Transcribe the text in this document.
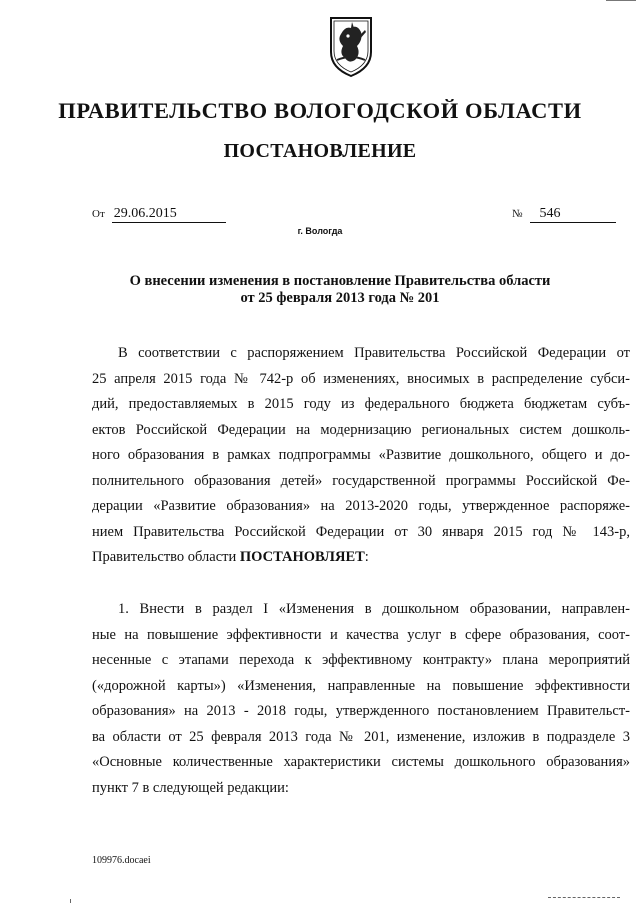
ПРАВИТЕЛЬСТВО ВОЛОГОДСКОЙ ОБЛАСТИ
ПОСТАНОВЛЕНИЕ
От 29.06.2015	№ 546
г. Вологда
О внесении изменения в постановление Правительства области
от 25 февраля 2013 года № 201
В соответствии с распоряжением Правительства Российской Федерации от
25 апреля 2015 года № 742-р об изменениях, вносимых в распределение субси-
дий, предоставляемых в 2015 году из федерального бюджета бюджетам субъ-
ектов Российской Федерации на модернизацию региональных систем дошколь-
ного образования в рамках подпрограммы «Развитие дошкольного, общего и до-
полнительного образования детей» государственной программы Российской Фе-
дерации «Развитие образования» на 2013-2020 годы, утвержденное распоряже-
нием Правительства Российской Федерации от 30 января 2015 год № 143-р,
Правительство области ПОСТАНОВЛЯЕТ:
1. Внести в раздел I «Изменения в дошкольном образовании, направлен-
ные на повышение эффективности и качества услуг в сфере образования, соот-
несенные с этапами перехода к эффективному контракту» плана мероприятий
(«дорожной карты») «Изменения, направленные на повышение эффективности
образования» на 2013 - 2018 годы, утвержденного постановлением Правительст-
ва области от 25 февраля 2013 года № 201, изменение, изложив в подразделе 3
«Основные количественные характеристики системы дошкольного образования»
пункт 7 в следующей редакции:
109976.docaei
